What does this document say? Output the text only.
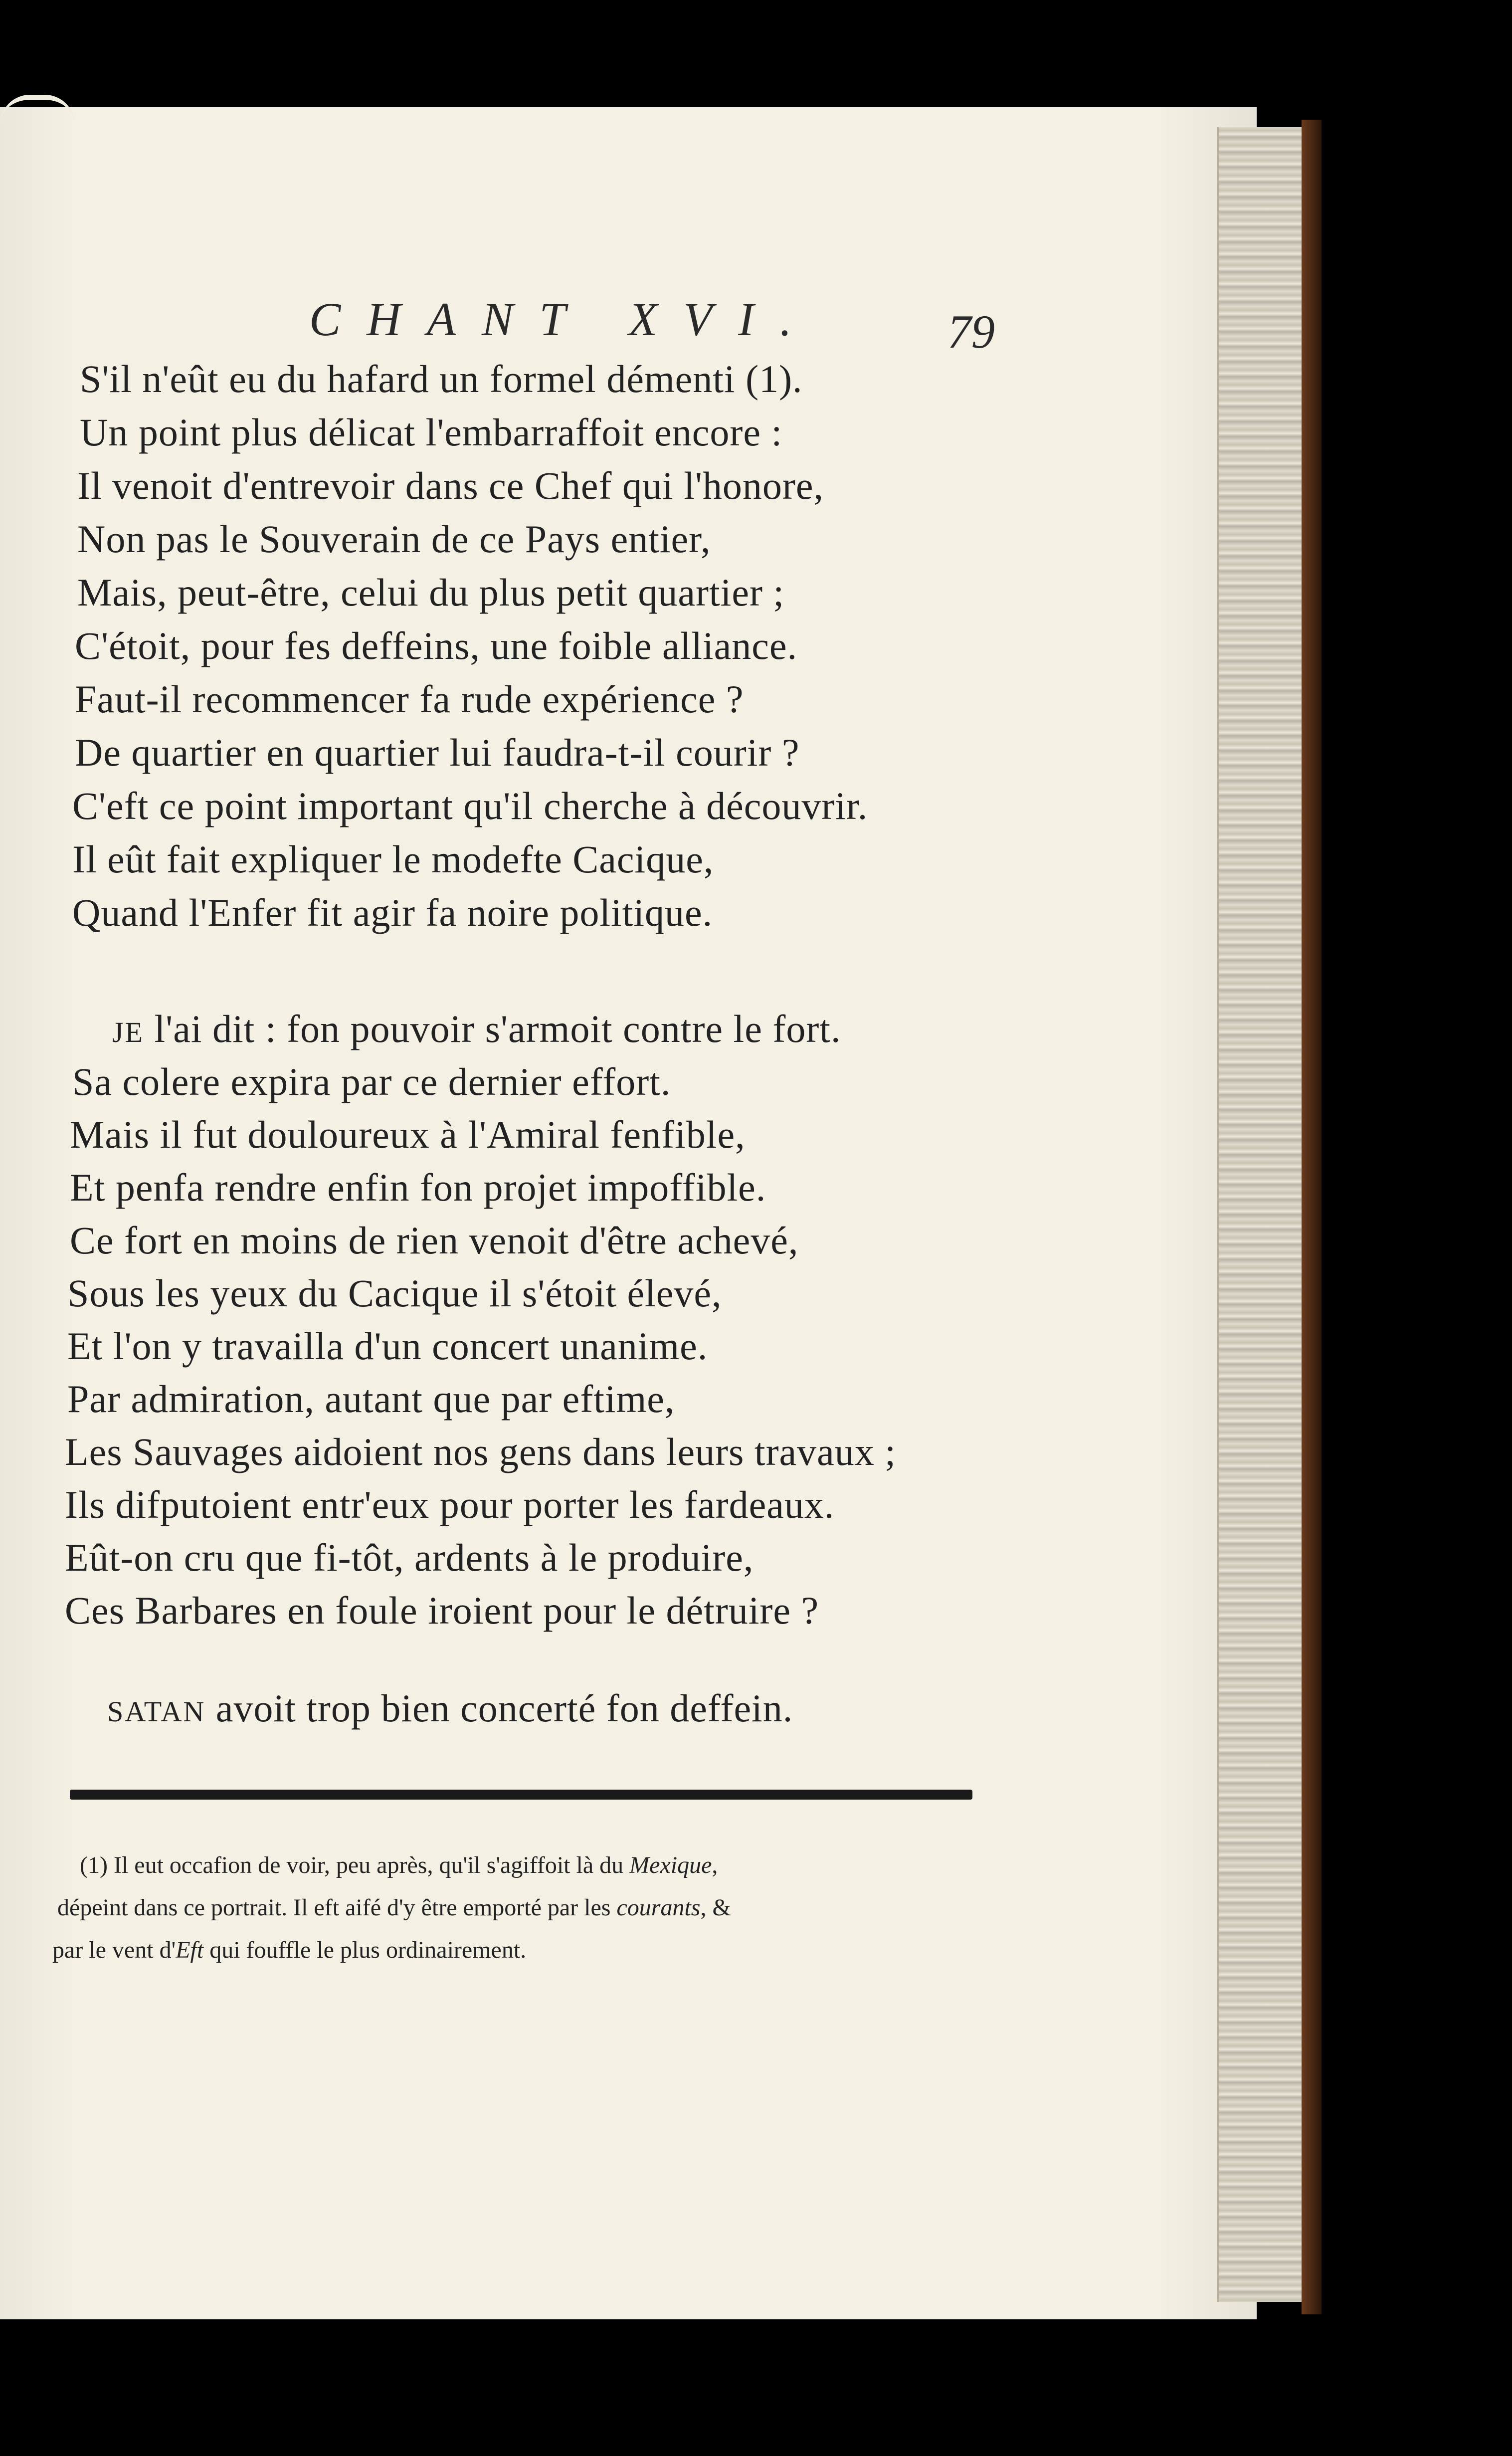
CHANT XVI.	79
S'il n'eût eu du hafard un formel démenti (1).
Un point plus délicat l'embarraffoit encore :
Il venoit d'entrevoir dans ce Chef qui l'honore,
Non pas le Souverain de ce Pays entier,
Mais, peut-être, celui du plus petit quartier ;
C'étoit, pour fes deffeins, une foible alliance.
Faut-il recommencer fa rude expérience ?
De quartier en quartier lui faudra-t-il courir ?
C'eft ce point important qu'il cherche à découvrir.
Il eût fait expliquer le modefte Cacique,
Quand l'Enfer fit agir fa noire politique.
JE l'ai dit : fon pouvoir s'armoit contre le fort.
Sa colere expira par ce dernier effort.
Mais il fut douloureux à l'Amiral fenfible,
Et penfa rendre enfin fon projet impoffible.
Ce fort en moins de rien venoit d'être achevé,
Sous les yeux du Cacique il s'étoit élevé,
Et l'on y travailla d'un concert unanime.
Par admiration, autant que par eftime,
Les Sauvages aidoient nos gens dans leurs travaux ;
Ils difputoient entr'eux pour porter les fardeaux.
Eût-on cru que fi-tôt, ardents à le produire,
Ces Barbares en foule iroient pour le détruire ?
SATAN avoit trop bien concerté fon deffein.
(1) Il eut occafion de voir, peu après, qu'il s'agiffoit là du Mexique,
dépeint dans ce portrait. Il eft aifé d'y être emporté par les courants, &
par le vent d'Eft qui fouffle le plus ordinairement.
